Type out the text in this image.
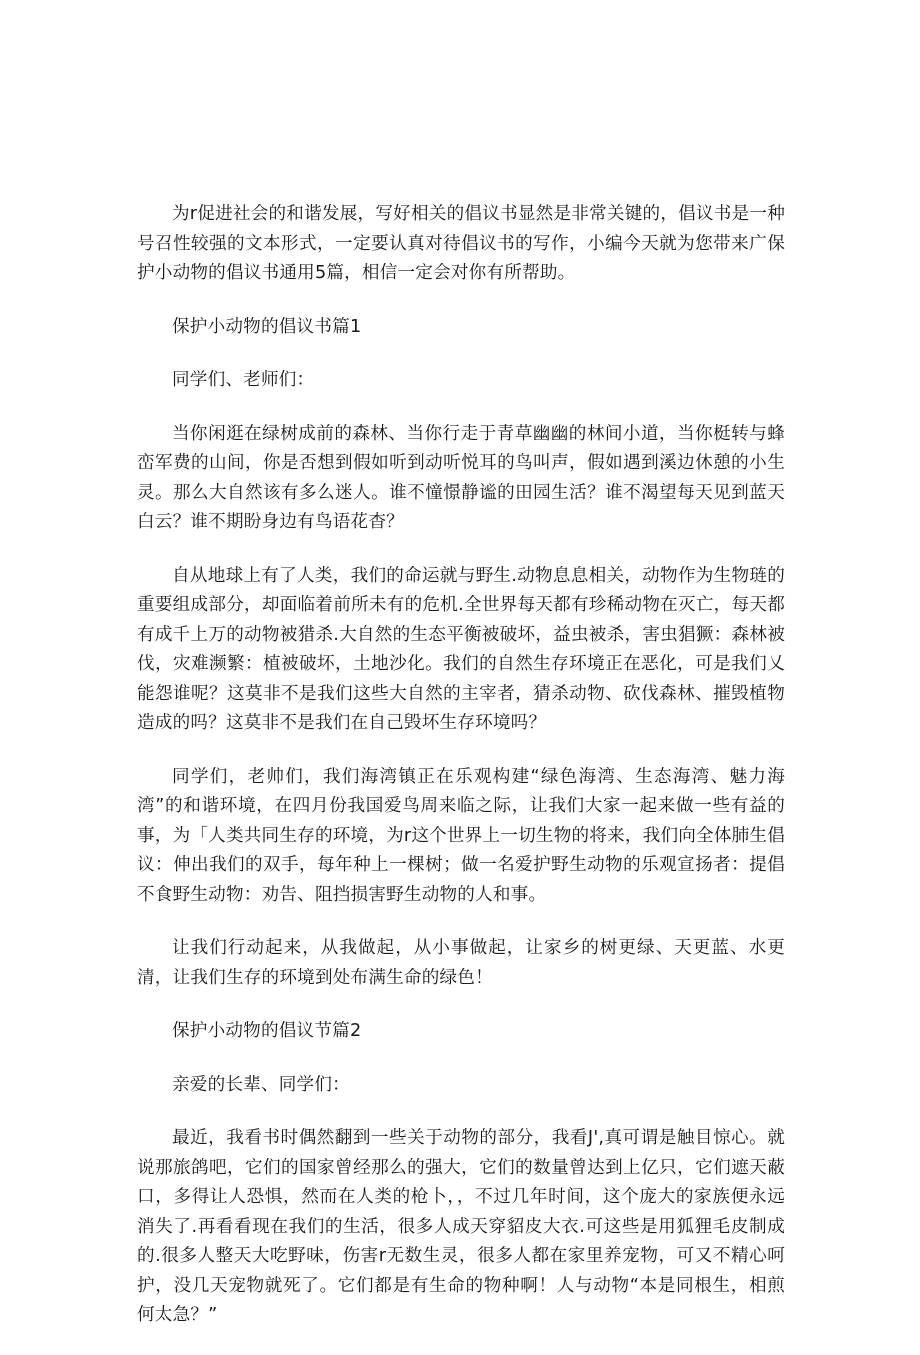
为r促进社会的和谐发展，写好相关的倡议书显然是非常关键的，倡议书是一种号召性较强的文本形式，一定要认真对待倡议书的写作，小编今天就为您带来广保护小动物的倡议书通用5篇，相信一定会对你有所帮助。

保护小动物的倡议书篇1

同学们、老师们：

当你闲逛在绿树成前的森林、当你行走于青草幽幽的林间小道，当你梃转与蜂峦军费的山间，你是否想到假如听到动听悦耳的鸟叫声，假如遇到溪边休憩的小生灵。那么大自然该有多么迷人。谁不憧憬静谧的田园生活？谁不渴望每天见到蓝天白云？谁不期盼身边有鸟语花杳？

自从地球上有了人类，我们的命运就与野生.动物息息相关，动物作为生物琏的重要组成部分，却面临着前所未有的危机.全世界每天都有珍稀动物在灭亡，每天都有成千上万的动物被猎杀.大自然的生态平衡被破坏，益虫被杀，害虫猖獗：森林被伐，灾难濒繁：植被破坏，土地沙化。我们的自然生存环境正在恶化，可是我们乂能怨谁呢？这莫非不是我们这些大自然的主宰者，猜杀动物、砍伐森林、摧毁植物造成的吗？这莫非不是我们在自己毁坏生存环境吗？

同学们，老帅们，我们海湾镇正在乐观构建“绿色海湾、生态海湾、魅力海湾”的和谐环境，在四月份我国爱鸟周来临之际，让我们大家一起来做一些有益的事，为「人类共同生存的环境，为r这个世界上一切生物的将来，我们向全体肺生倡议：伸出我们的双手，每年种上一棵树；做一名爱护野生动物的乐观宣扬者：提倡不食野生动物：劝告、阻挡损害野生动物的人和事。

让我们行动起来，从我做起，从小事做起，让家乡的树更绿、天更蓝、水更清，让我们生存的环境到处布满生命的绿色！

保护小动物的倡议节篇2

亲爱的长辈、同学们：

最近，我看书时偶然翻到一些关于动物的部分，我看J',真可谓是触目惊心。就说那旅鸽吧，它们的国家曾经那么的强大，它们的数量曾达到上亿只，它们遮天蔽口，多得让人恐惧，然而在人类的枪卜，，不过几年时间，这个庞大的家族便永远消失了.再看看现在我们的生活，很多人成天穿貂皮大衣.可这些是用狐狸毛皮制成的.很多人整天大吃野味，伤害r无数生灵，很多人都在家里养宠物，可又不精心呵护，没几天宠物就死了。它们都是有生命的物种啊！人与动物“本是同根生，相煎何太急？”
